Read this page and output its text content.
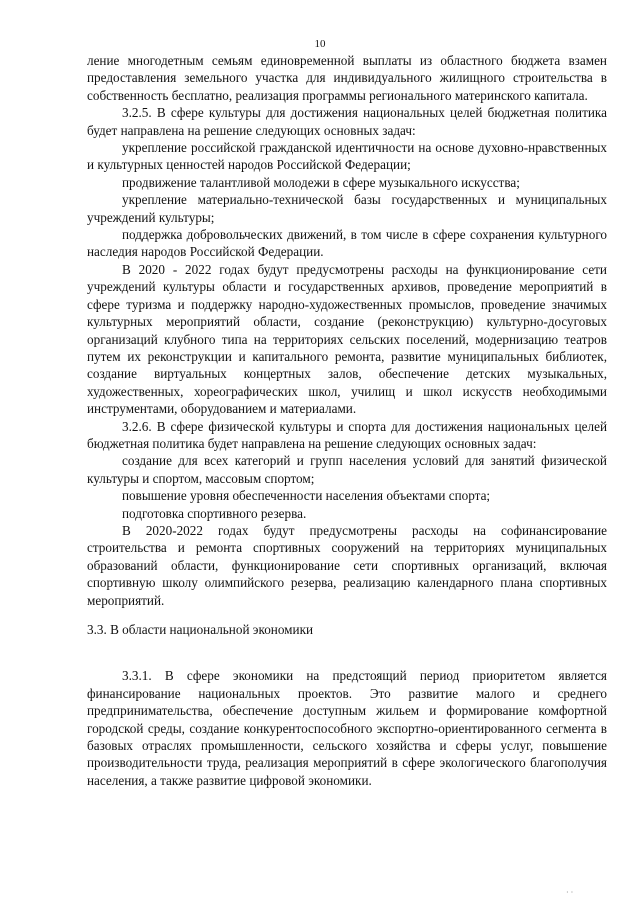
10

ление многодетным семьям единовременной выплаты из областного бюджета взамен предоставления земельного участка для индивидуального жилищного строительства в собственность бесплатно, реализация программы регионального материнского капитала.

3.2.5. В сфере культуры для достижения национальных целей бюджетная политика будет направлена на решение следующих основных задач:

укрепление российской гражданской идентичности на основе духовно-нравственных и культурных ценностей народов Российской Федерации;

продвижение талантливой молодежи в сфере музыкального искусства;

укрепление материально-технической базы государственных и муниципальных учреждений культуры;

поддержка добровольческих движений, в том числе в сфере сохранения культурного наследия народов Российской Федерации.

В 2020 - 2022 годах будут предусмотрены расходы на функционирование сети учреждений культуры области и государственных архивов, проведение мероприятий в сфере туризма и поддержку народно-художественных промыслов, проведение значимых культурных мероприятий области, создание (реконструкцию) культурно-досуговых организаций клубного типа на территориях сельских поселений, модернизацию театров путем их реконструкции и капитального ремонта, развитие муниципальных библиотек, создание виртуальных концертных залов, обеспечение детских музыкальных, художественных, хореографических школ, училищ и школ искусств необходимыми инструментами, оборудованием и материалами.

3.2.6. В сфере физической культуры и спорта для достижения национальных целей бюджетная политика будет направлена на решение следующих основных задач:

создание для всех категорий и групп населения условий для занятий физической культуры и спортом, массовым спортом;

повышение уровня обеспеченности населения объектами спорта;

подготовка спортивного резерва.

В 2020-2022 годах будут предусмотрены расходы на софинансирование строительства и ремонта спортивных сооружений на территориях муниципальных образований области, функционирование сети спортивных организаций, включая спортивную школу олимпийского резерва, реализацию календарного плана спортивных мероприятий.

3.3. В области национальной экономики

3.3.1. В сфере экономики на предстоящий период приоритетом является финансирование национальных проектов. Это развитие малого и среднего предпринимательства, обеспечение доступным жильем и формирование комфортной городской среды, создание конкурентоспособного экспортно-ориентированного сегмента в базовых отраслях промышленности, сельского хозяйства и сферы услуг, повышение производительности труда, реализация мероприятий в сфере экологического благополучия населения, а также развитие цифровой экономики.

· ·
